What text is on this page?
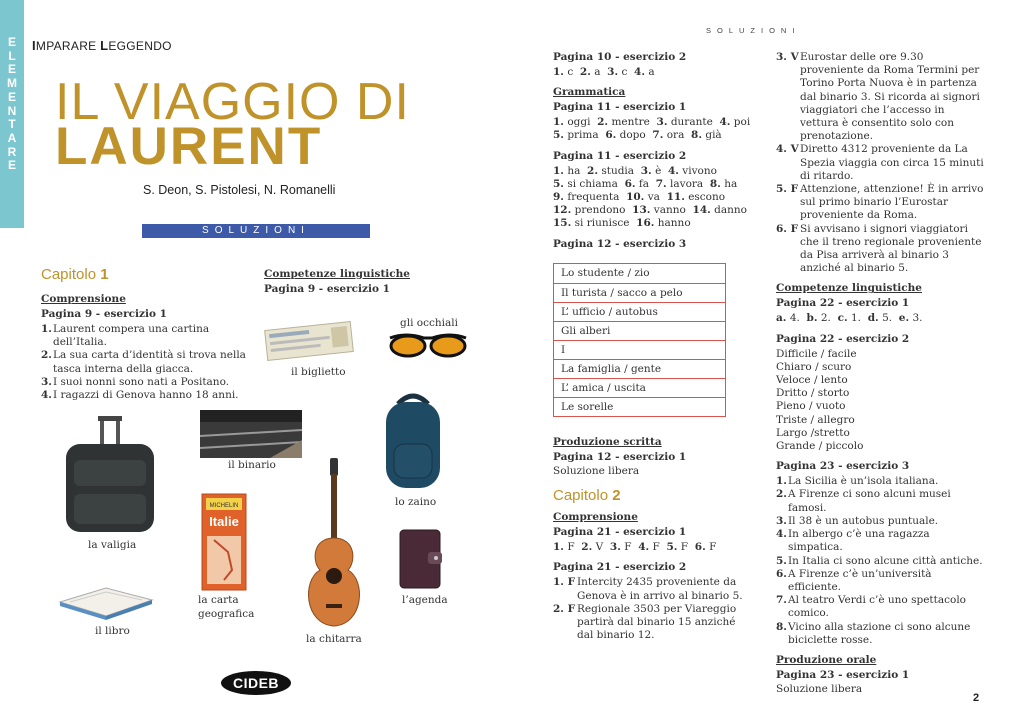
E
L
E
M
E
N
T
A
R
E
IMPARARE LEGGENDO
IL VIAGGIO DI
LAURENT
S. Deon, S. Pistolesi, N. Romanelli
SOLUZIONI
Capitolo 1
Comprensione
Pagina 9 - esercizio 1
1. Laurent compera una cartina dell’Italia.
2. La sua carta d’identità si trova nella tasca interna della giacca.
3. I suoi nonni sono nati a Positano.
4. I ragazzi di Genova hanno 18 anni.
Competenze linguistiche
Pagina 9 - esercizio 1
il biglietto
gli occhiali
il binario
lo zaino
la valigia
MICHELIN
Italie
la carta
geografica
la chitarra
l’agenda
il libro
CIDEB
SOLUZIONI
Pagina 10 - esercizio 2
1. c 2. a 3. c 4. a
Grammatica
Pagina 11 - esercizio 1
1. oggi 2. mentre 3. durante 4. poi
5. prima 6. dopo 7. ora 8. già
Pagina 11 - esercizio 2
1. ha 2. studia 3. è 4. vivono
5. si chiama 6. fa 7. lavora 8. ha
9. frequenta 10. va 11. escono
12. prendono 13. vanno 14. danno
15. si riunisce 16. hanno
Pagina 12 - esercizio 3
Lo studente / zio
Il turista / sacco a pelo
L’ ufficio / autobus
Gli alberi
I
La famiglia / gente
L’ amica / uscita
Le sorelle
Produzione scritta
Pagina 12 - esercizio 1
Soluzione libera
Capitolo 2
Comprensione
Pagina 21 - esercizio 1
1. F 2. V 3. F 4. F 5. F 6. F
Pagina 21 - esercizio 2
1. F Intercity 2435 proveniente da Genova è in arrivo al binario 5.
2. F Regionale 3503 per Viareggio partirà dal binario 15 anziché dal binario 12.
3. V Eurostar delle ore 9.30 proveniente da Roma Termini per Torino Porta Nuova è in partenza dal binario 3. Si ricorda ai signori viaggiatori che l’accesso in vettura è consentito solo con prenotazione.
4. V Diretto 4312 proveniente da La Spezia viaggia con circa 15 minuti di ritardo.
5. F Attenzione, attenzione! È in arrivo sul primo binario l’Eurostar proveniente da Roma.
6. F Si avvisano i signori viaggiatori che il treno regionale proveniente da Pisa arriverà al binario 3 anziché al binario 5.
Competenze linguistiche
Pagina 22 - esercizio 1
a. 4. b. 2. c. 1. d. 5. e. 3.
Pagina 22 - esercizio 2
Difficile / facile
Chiaro / scuro
Veloce / lento
Dritto / storto
Pieno / vuoto
Triste / allegro
Largo /stretto
Grande / piccolo
Pagina 23 - esercizio 3
1. La Sicilia è un’isola italiana.
2. A Firenze ci sono alcuni musei famosi.
3. Il 38 è un autobus puntuale.
4. In albergo c’è una ragazza simpatica.
5. In Italia ci sono alcune città antiche.
6. A Firenze c’è un’università efficiente.
7. Al teatro Verdi c’è uno spettacolo comico.
8. Vicino alla stazione ci sono alcune biciclette rosse.
Produzione orale
Pagina 23 - esercizio 1
Soluzione libera
2
